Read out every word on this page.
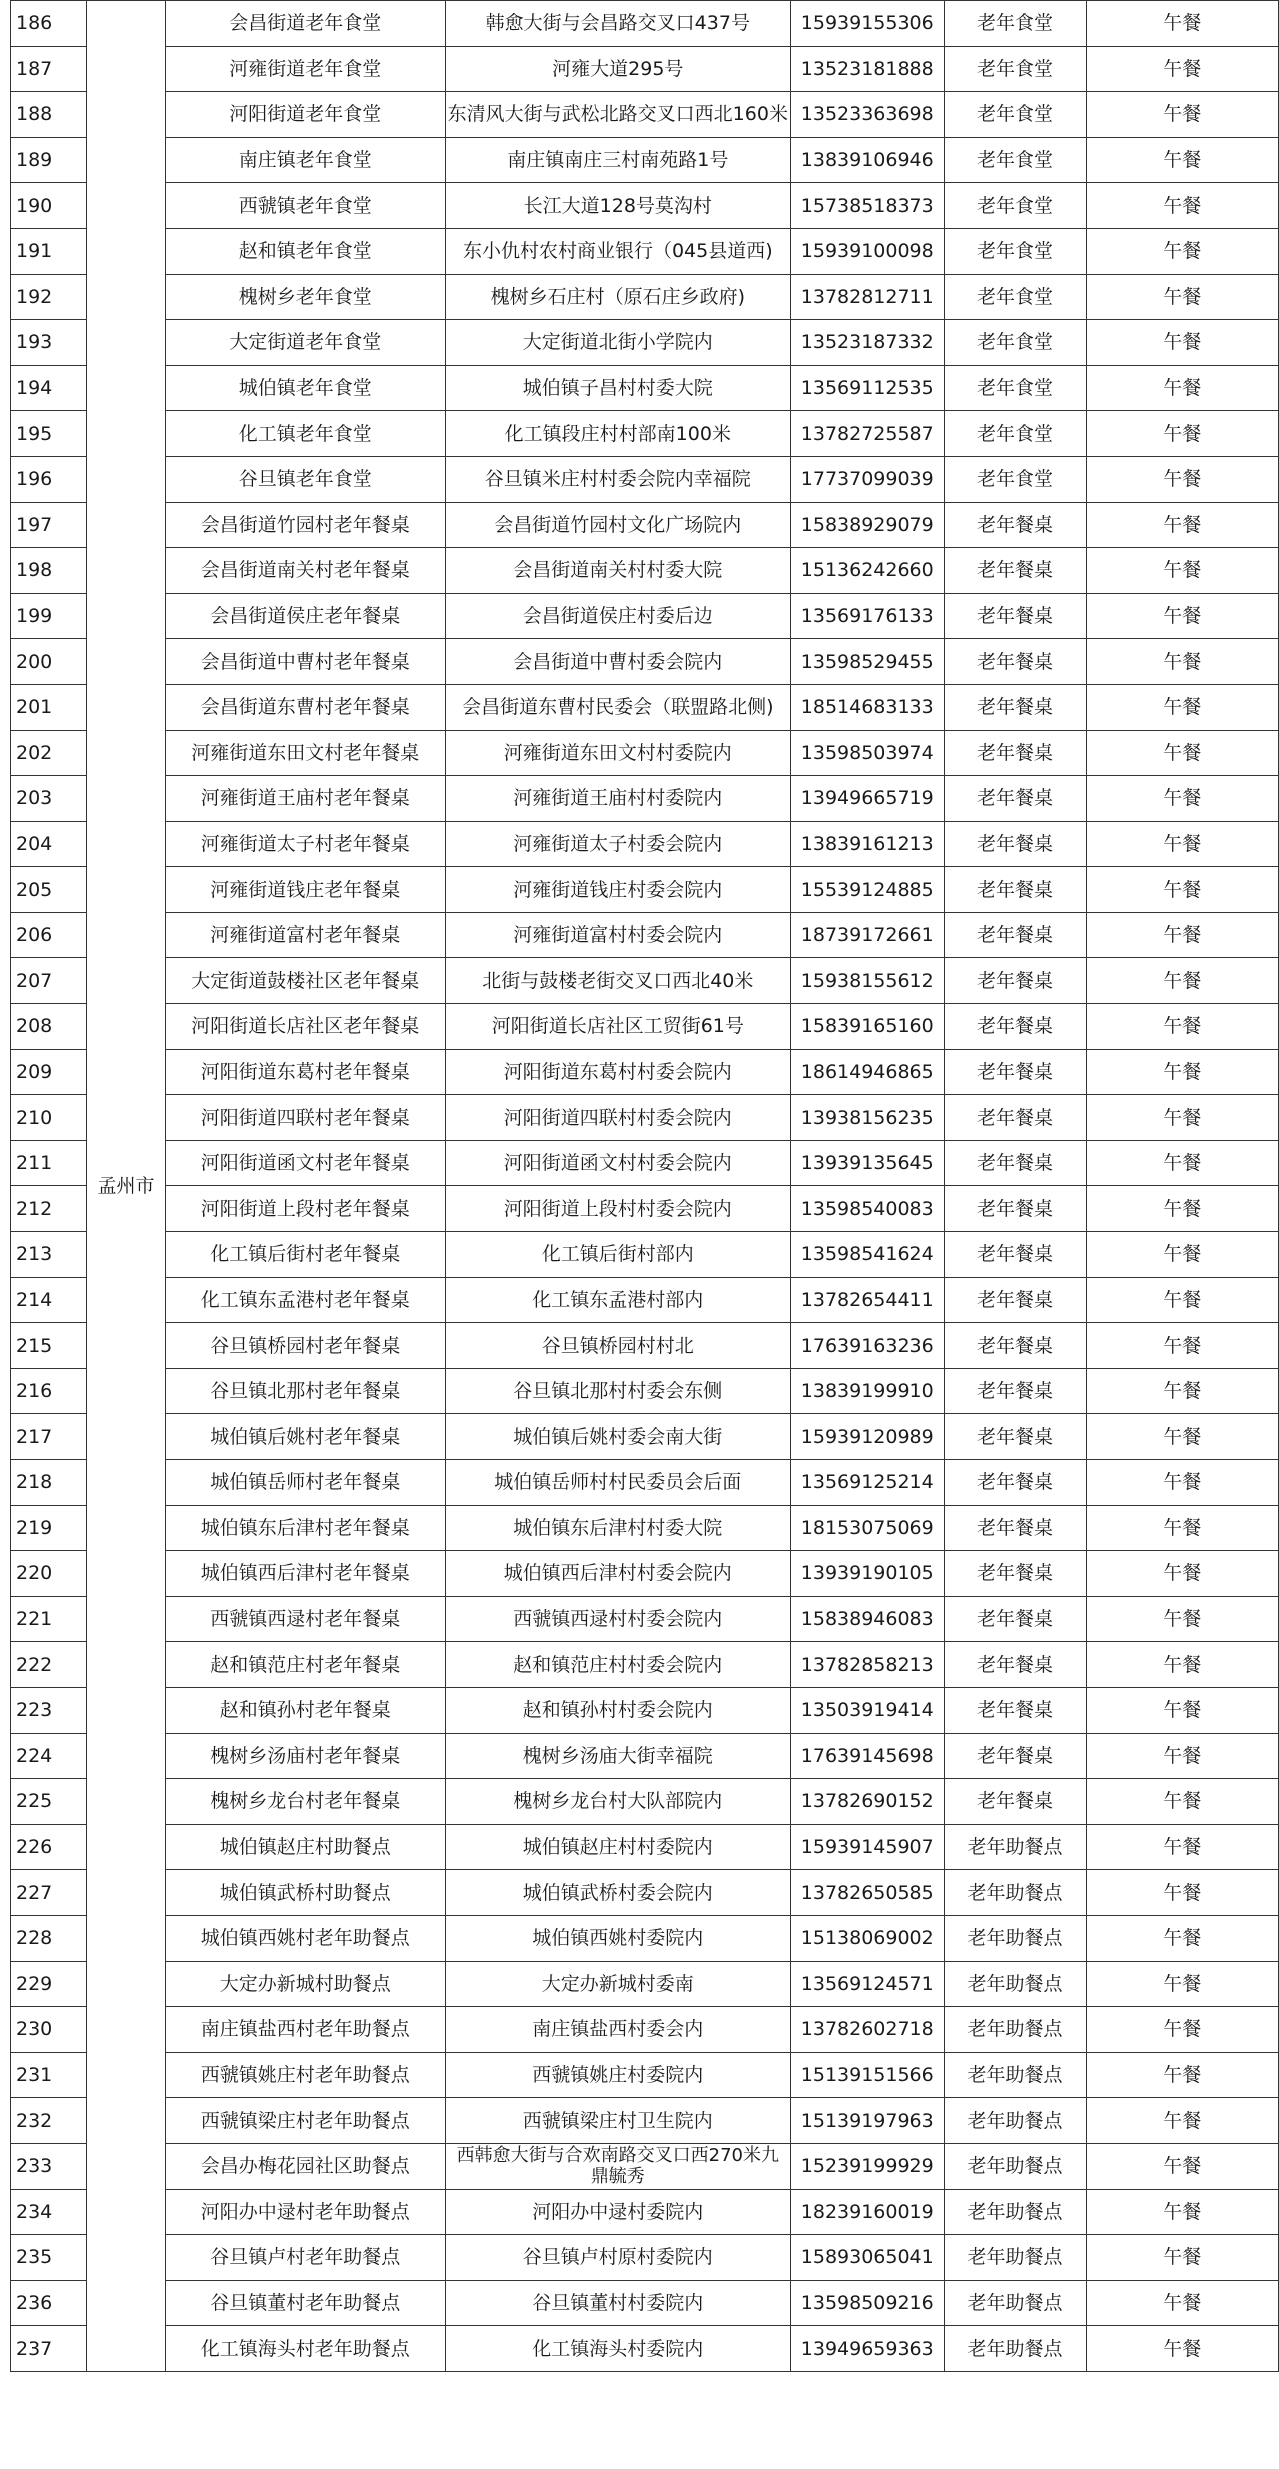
186	孟州市	会昌街道老年食堂	韩愈大街与会昌路交叉口437号	15939155306	老年食堂	午餐
187		河雍街道老年食堂	河雍大道295号	13523181888	老年食堂	午餐
188		河阳街道老年食堂	东清风大街与武松北路交叉口西北160米	13523363698	老年食堂	午餐
189		南庄镇老年食堂	南庄镇南庄三村南苑路1号	13839106946	老年食堂	午餐
190		西虢镇老年食堂	长江大道128号莫沟村	15738518373	老年食堂	午餐
191		赵和镇老年食堂	东小仇村农村商业银行（045县道西)	15939100098	老年食堂	午餐
192		槐树乡老年食堂	槐树乡石庄村（原石庄乡政府)	13782812711	老年食堂	午餐
193		大定街道老年食堂	大定街道北街小学院内	13523187332	老年食堂	午餐
194		城伯镇老年食堂	城伯镇子昌村村委大院	13569112535	老年食堂	午餐
195		化工镇老年食堂	化工镇段庄村村部南100米	13782725587	老年食堂	午餐
196		谷旦镇老年食堂	谷旦镇米庄村村委会院内幸福院	17737099039	老年食堂	午餐
197		会昌街道竹园村老年餐桌	会昌街道竹园村文化广场院内	15838929079	老年餐桌	午餐
198		会昌街道南关村老年餐桌	会昌街道南关村村委大院	15136242660	老年餐桌	午餐
199		会昌街道侯庄老年餐桌	会昌街道侯庄村委后边	13569176133	老年餐桌	午餐
200		会昌街道中曹村老年餐桌	会昌街道中曹村委会院内	13598529455	老年餐桌	午餐
201		会昌街道东曹村老年餐桌	会昌街道东曹村民委会（联盟路北侧)	18514683133	老年餐桌	午餐
202		河雍街道东田文村老年餐桌	河雍街道东田文村村委院内	13598503974	老年餐桌	午餐
203		河雍街道王庙村老年餐桌	河雍街道王庙村村委院内	13949665719	老年餐桌	午餐
204		河雍街道太子村老年餐桌	河雍街道太子村委会院内	13839161213	老年餐桌	午餐
205		河雍街道钱庄老年餐桌	河雍街道钱庄村委会院内	15539124885	老年餐桌	午餐
206		河雍街道富村老年餐桌	河雍街道富村村委会院内	18739172661	老年餐桌	午餐
207		大定街道鼓楼社区老年餐桌	北街与鼓楼老街交叉口西北40米	15938155612	老年餐桌	午餐
208		河阳街道长店社区老年餐桌	河阳街道长店社区工贸街61号	15839165160	老年餐桌	午餐
209		河阳街道东葛村老年餐桌	河阳街道东葛村村委会院内	18614946865	老年餐桌	午餐
210		河阳街道四联村老年餐桌	河阳街道四联村村委会院内	13938156235	老年餐桌	午餐
211		河阳街道函文村老年餐桌	河阳街道函文村村委会院内	13939135645	老年餐桌	午餐
212		河阳街道上段村老年餐桌	河阳街道上段村村委会院内	13598540083	老年餐桌	午餐
213		化工镇后街村老年餐桌	化工镇后街村部内	13598541624	老年餐桌	午餐
214		化工镇东孟港村老年餐桌	化工镇东孟港村部内	13782654411	老年餐桌	午餐
215		谷旦镇桥园村老年餐桌	谷旦镇桥园村村北	17639163236	老年餐桌	午餐
216		谷旦镇北那村老年餐桌	谷旦镇北那村村委会东侧	13839199910	老年餐桌	午餐
217		城伯镇后姚村老年餐桌	城伯镇后姚村委会南大街	15939120989	老年餐桌	午餐
218		城伯镇岳师村老年餐桌	城伯镇岳师村村民委员会后面	13569125214	老年餐桌	午餐
219		城伯镇东后津村老年餐桌	城伯镇东后津村村委大院	18153075069	老年餐桌	午餐
220		城伯镇西后津村老年餐桌	城伯镇西后津村村委会院内	13939190105	老年餐桌	午餐
221		西虢镇西逯村老年餐桌	西虢镇西逯村村委会院内	15838946083	老年餐桌	午餐
222		赵和镇范庄村老年餐桌	赵和镇范庄村村委会院内	13782858213	老年餐桌	午餐
223		赵和镇孙村老年餐桌	赵和镇孙村村委会院内	13503919414	老年餐桌	午餐
224		槐树乡汤庙村老年餐桌	槐树乡汤庙大街幸福院	17639145698	老年餐桌	午餐
225		槐树乡龙台村老年餐桌	槐树乡龙台村大队部院内	13782690152	老年餐桌	午餐
226		城伯镇赵庄村助餐点	城伯镇赵庄村村委院内	15939145907	老年助餐点	午餐
227		城伯镇武桥村助餐点	城伯镇武桥村委会院内	13782650585	老年助餐点	午餐
228		城伯镇西姚村老年助餐点	城伯镇西姚村委院内	15138069002	老年助餐点	午餐
229		大定办新城村助餐点	大定办新城村委南	13569124571	老年助餐点	午餐
230		南庄镇盐西村老年助餐点	南庄镇盐西村委会内	13782602718	老年助餐点	午餐
231		西虢镇姚庄村老年助餐点	西虢镇姚庄村委院内	15139151566	老年助餐点	午餐
232		西虢镇梁庄村老年助餐点	西虢镇梁庄村卫生院内	15139197963	老年助餐点	午餐
233		会昌办梅花园社区助餐点	西韩愈大街与合欢南路交叉口西270米九鼎毓秀	15239199929	老年助餐点	午餐
234		河阳办中逯村老年助餐点	河阳办中逯村委院内	18239160019	老年助餐点	午餐
235		谷旦镇卢村老年助餐点	谷旦镇卢村原村委院内	15893065041	老年助餐点	午餐
236		谷旦镇董村老年助餐点	谷旦镇董村村委院内	13598509216	老年助餐点	午餐
237		化工镇海头村老年助餐点	化工镇海头村委院内	13949659363	老年助餐点	午餐
